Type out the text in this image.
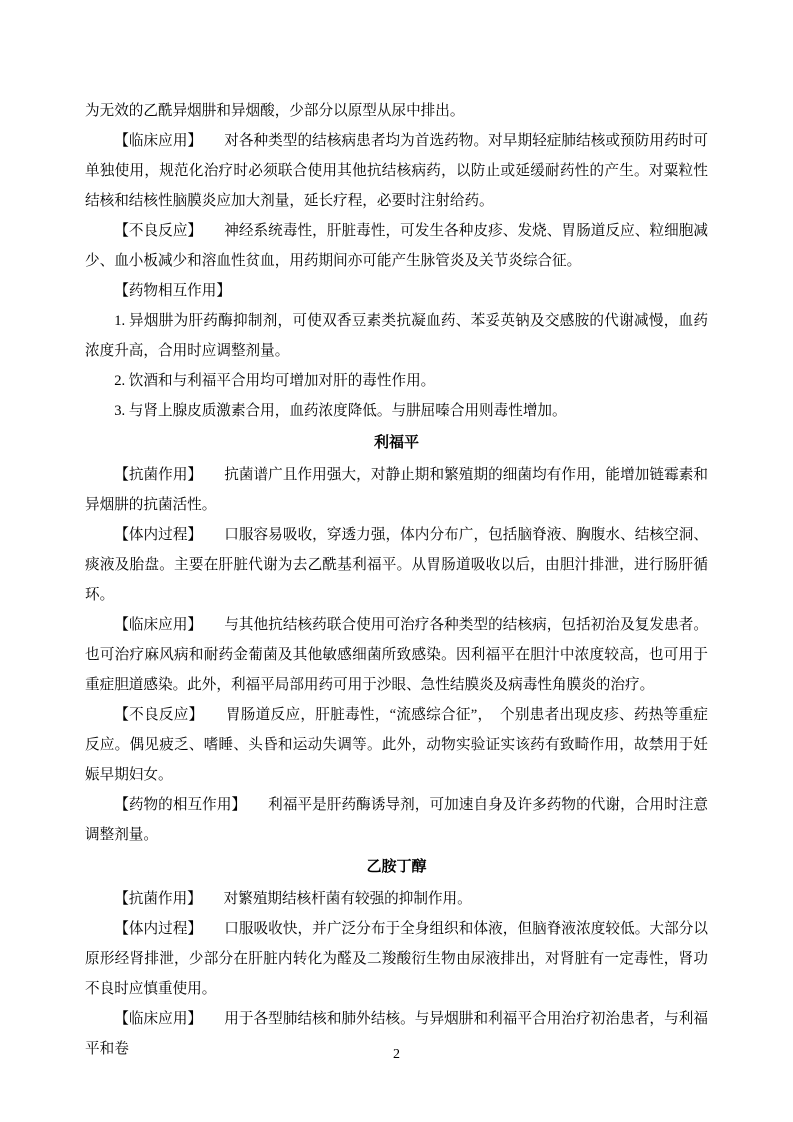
为无效的乙酰异烟肼和异烟酸，少部分以原型从尿中排出。

【临床应用】　　对各种类型的结核病患者均为首选药物。对早期轻症肺结核或预防用药时可单独使用，规范化治疗时必须联合使用其他抗结核病药，以防止或延缓耐药性的产生。对粟粒性结核和结核性脑膜炎应加大剂量，延长疗程，必要时注射给药。

【不良反应】　　神经系统毒性，肝脏毒性，可发生各种皮疹、发烧、胃肠道反应、粒细胞减少、血小板减少和溶血性贫血，用药期间亦可能产生脉管炎及关节炎综合征。

【药物相互作用】

1. 异烟肼为肝药酶抑制剂，可使双香豆素类抗凝血药、苯妥英钠及交感胺的代谢减慢，血药浓度升高，合用时应调整剂量。

2. 饮酒和与利福平合用均可增加对肝的毒性作用。

3. 与肾上腺皮质激素合用，血药浓度降低。与肼屈嗪合用则毒性增加。

利福平

【抗菌作用】　　抗菌谱广且作用强大，对静止期和繁殖期的细菌均有作用，能增加链霉素和异烟肼的抗菌活性。

【体内过程】　　口服容易吸收，穿透力强，体内分布广，包括脑脊液、胸腹水、结核空洞、痰液及胎盘。主要在肝脏代谢为去乙酰基利福平。从胃肠道吸收以后，由胆汁排泄，进行肠肝循环。

【临床应用】　　与其他抗结核药联合使用可治疗各种类型的结核病，包括初治及复发患者。也可治疗麻风病和耐药金葡菌及其他敏感细菌所致感染。因利福平在胆汁中浓度较高，也可用于重症胆道感染。此外，利福平局部用药可用于沙眼、急性结膜炎及病毒性角膜炎的治疗。

【不良反应】　　胃肠道反应，肝脏毒性，“流感综合征”，　个别患者出现皮疹、药热等重症反应。偶见疲乏、嗜睡、头昏和运动失调等。此外，动物实验证实该药有致畸作用，故禁用于妊娠早期妇女。

【药物的相互作用】　　利福平是肝药酶诱导剂，可加速自身及许多药物的代谢，合用时注意调整剂量。

乙胺丁醇

【抗菌作用】　　对繁殖期结核杆菌有较强的抑制作用。

【体内过程】　　口服吸收快，并广泛分布于全身组织和体液，但脑脊液浓度较低。大部分以原形经肾排泄，少部分在肝脏内转化为醛及二羧酸衍生物由尿液排出，对肾脏有一定毒性，肾功不良时应慎重使用。

【临床应用】　　用于各型肺结核和肺外结核。与异烟肼和利福平合用治疗初治患者，与利福平和卷	2
